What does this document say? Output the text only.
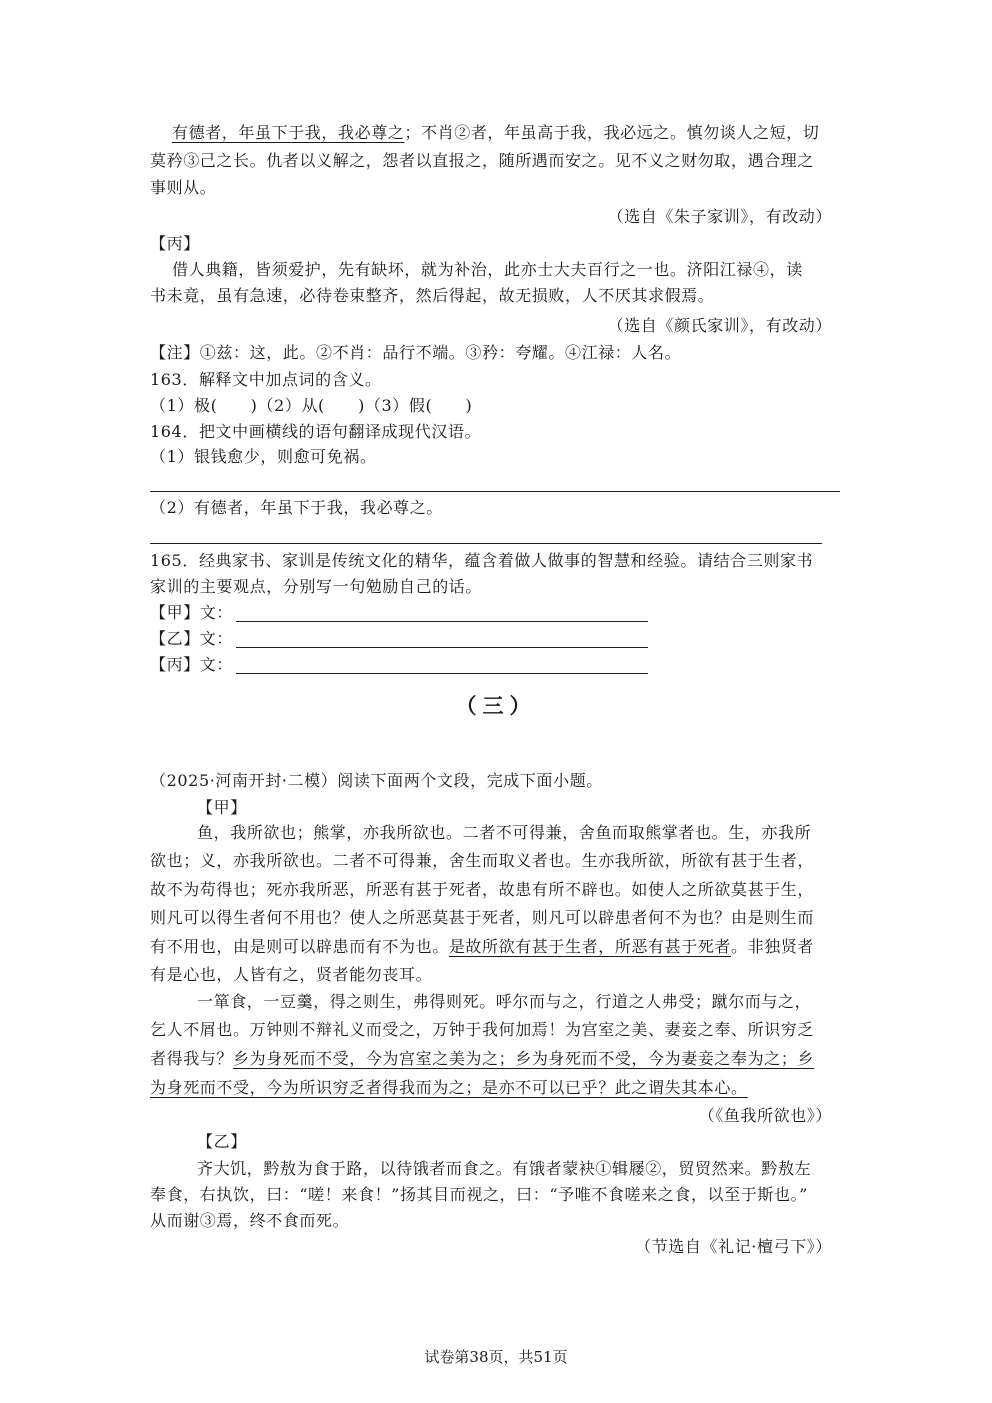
有德者，年虽下于我，我必尊之；不肖②者，年虽高于我，我必远之。慎勿谈人之短，切
莫矜③己之长。仇者以义解之，怨者以直报之，随所遇而安之。见不义之财勿取，遇合理之
事则从。
（选自《朱子家训》，有改动）
【丙】
借人典籍，皆须爱护，先有缺坏，就为补治，此亦士大夫百行之一也。济阳江禄④，读
书未竟，虽有急速，必待卷束整齐，然后得起，故无损败，人不厌其求假焉。
（选自《颜氏家训》，有改动）
【注】①兹：这，此。②不肖：品行不端。③矜：夸耀。④江禄：人名。
163．解释文中加点词的含义。
（1）极(　　)（2）从(　　)（3）假(　　)
164．把文中画横线的语句翻译成现代汉语。
（1）银钱愈少，则愈可免祸。
（2）有德者，年虽下于我，我必尊之。
165．经典家书、家训是传统文化的精华，蕴含着做人做事的智慧和经验。请结合三则家书
家训的主要观点，分别写一句勉励自己的话。
【甲】文：
【乙】文：
【丙】文：
（三）
（2025·河南开封·二模）阅读下面两个文段，完成下面小题。
【甲】
鱼，我所欲也；熊掌，亦我所欲也。二者不可得兼，舍鱼而取熊掌者也。生，亦我所
欲也；义，亦我所欲也。二者不可得兼，舍生而取义者也。生亦我所欲，所欲有甚于生者，
故不为苟得也；死亦我所恶，所恶有甚于死者，故患有所不辟也。如使人之所欲莫甚于生，
则凡可以得生者何不用也？使人之所恶莫甚于死者，则凡可以辟患者何不为也？由是则生而
有不用也，由是则可以辟患而有不为也。是故所欲有甚于生者，所恶有甚于死者。非独贤者
有是心也，人皆有之，贤者能勿丧耳。
一箪食，一豆羹，得之则生，弗得则死。呼尔而与之，行道之人弗受；蹴尔而与之，
乞人不屑也。万钟则不辩礼义而受之，万钟于我何加焉！为宫室之美、妻妾之奉、所识穷乏
者得我与？乡为身死而不受，今为宫室之美为之；乡为身死而不受，今为妻妾之奉为之；乡
为身死而不受，今为所识穷乏者得我而为之；是亦不可以已乎？此之谓失其本心。
（《鱼我所欲也》）
【乙】
齐大饥，黔敖为食于路，以待饿者而食之。有饿者蒙袂①辑屦②，贸贸然来。黔敖左
奉食，右执饮，曰：“嗟！来食！”扬其目而视之，曰：“予唯不食嗟来之食，以至于斯也。”
从而谢③焉，终不食而死。
（节选自《礼记·檀弓下》）
试卷第38页，共51页
